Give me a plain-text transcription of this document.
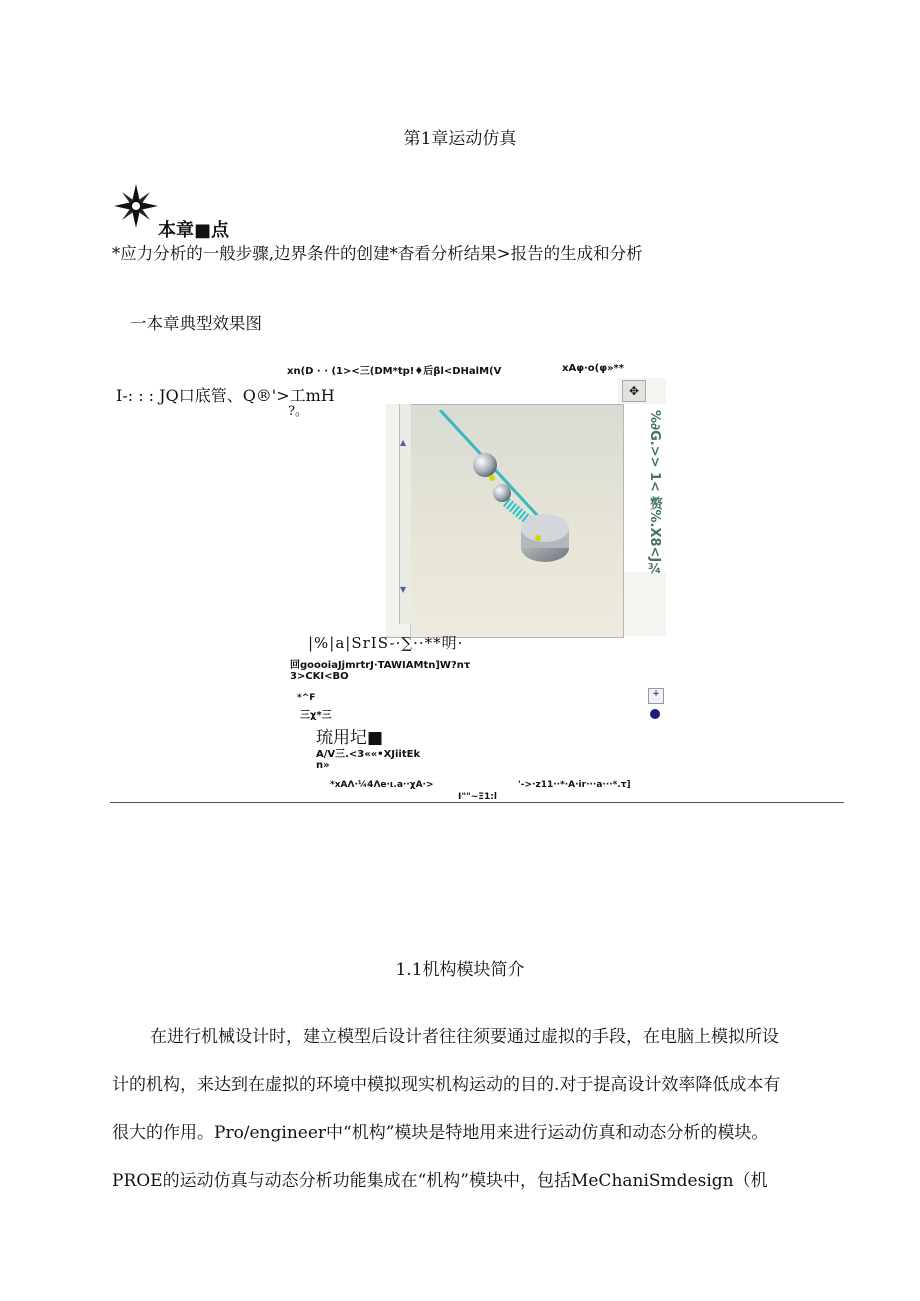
第1章运动仿真
本章■点
*应力分析的一般步骤,边界条件的创建*杳看分析结果>报告的生成和分析
一本章典型效果图
xn(D · · (1><三(DM*tp!♦后βl<DHalM(V	xAφ·o(φ»**
I-: : : JQ口底管、Q®'>工mH
?。
✥
%∂G.>> 1< 赘%.X8<J¾
▲
▼
|%|a|SrIS-·∑··**明·
回goooiaJjmrtrJ·TAWIAMtn]W?nτ
3>CKI<BO
*^F
三χ*三
琉用圮■
A/V三.<3««•XJiitEk
n»
+
*xAΛ·¼4Λe·ι.a··χA·>	'->·z11··*·A·ir···a···*.τ]
I""~Ξ1:l
1.1机构模块简介
在进行机械设计时，建立模型后设计者往往须要通过虚拟的手段，在电脑上模拟所设
计的机构，来达到在虚拟的环境中模拟现实机构运动的目的.对于提高设计效率降低成本有
很大的作用。Pro/engineer中“机构”模块是特地用来进行运动仿真和动态分析的模块。
PROE的运动仿真与动态分析功能集成在“机构”模块中，包括MeChaniSmdesign（机
